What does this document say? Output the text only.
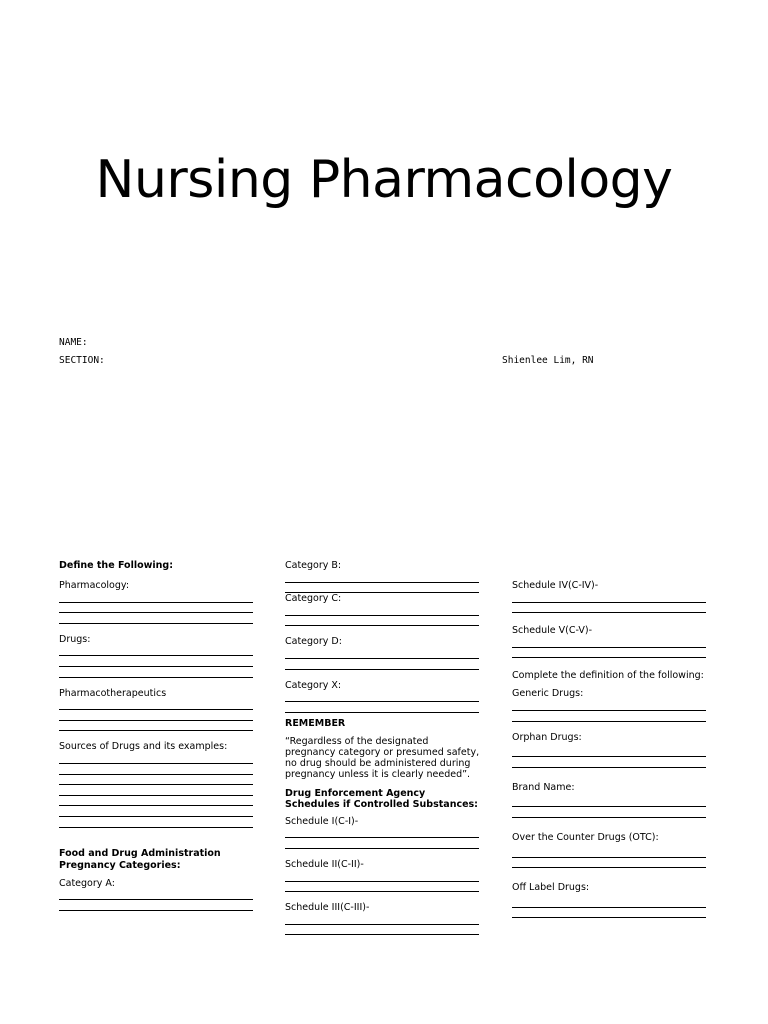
Nursing Pharmacology
NAME:
SECTION:	Shienlee Lim, RN

Define the Following:

Pharmacology:

Drugs:

Pharmacotherapeutics

Sources of Drugs and its examples:

Food and Drug Administration Pregnancy Categories:

Category A:

Category B:

Category C:

Category D:

Category X:

REMEMBER

“Regardless of the designated pregnancy category or presumed safety, no drug should be administered during pregnancy unless it is clearly needed”.

Drug Enforcement Agency Schedules if Controlled Substances:

Schedule I(C-I)-

Schedule II(C-II)-

Schedule III(C-III)-

Schedule IV(C-IV)-

Schedule V(C-V)-

Complete the definition of the following:

Generic Drugs:

Orphan Drugs:

Brand Name:

Over the Counter Drugs (OTC):

Off Label Drugs:
